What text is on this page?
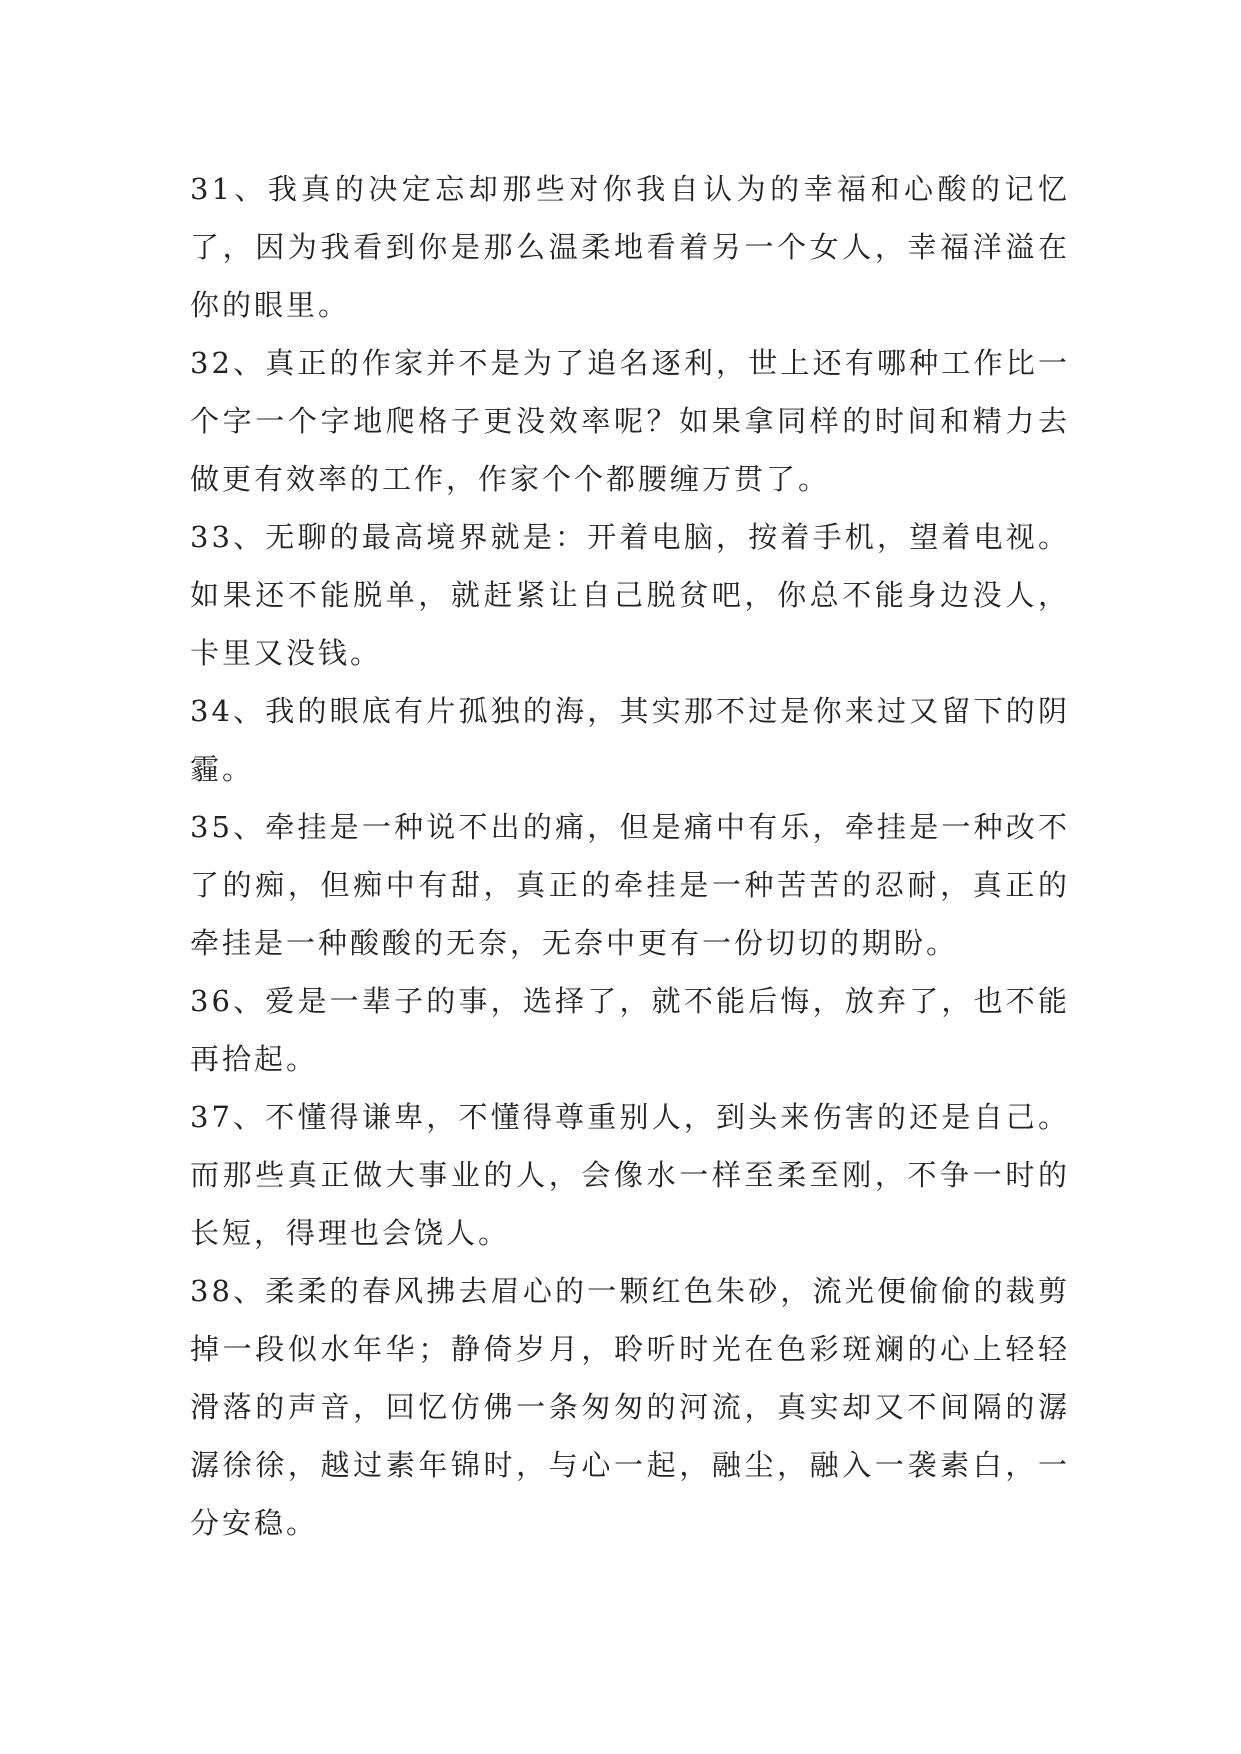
31、我真的决定忘却那些对你我自认为的幸福和心酸的记忆了，因为我看到你是那么温柔地看着另一个女人，幸福洋溢在你的眼里。

32、真正的作家并不是为了追名逐利，世上还有哪种工作比一个字一个字地爬格子更没效率呢？如果拿同样的时间和精力去做更有效率的工作，作家个个都腰缠万贯了。

33、无聊的最高境界就是：开着电脑，按着手机，望着电视。如果还不能脱单，就赶紧让自己脱贫吧，你总不能身边没人，卡里又没钱。

34、我的眼底有片孤独的海，其实那不过是你来过又留下的阴霾。

35、牵挂是一种说不出的痛，但是痛中有乐，牵挂是一种改不了的痴，但痴中有甜，真正的牵挂是一种苦苦的忍耐，真正的牵挂是一种酸酸的无奈，无奈中更有一份切切的期盼。

36、爱是一辈子的事，选择了，就不能后悔，放弃了，也不能再拾起。

37、不懂得谦卑，不懂得尊重别人，到头来伤害的还是自己。而那些真正做大事业的人，会像水一样至柔至刚，不争一时的长短，得理也会饶人。

38、柔柔的春风拂去眉心的一颗红色朱砂，流光便偷偷的裁剪掉一段似水年华；静倚岁月，聆听时光在色彩斑斓的心上轻轻滑落的声音，回忆仿佛一条匆匆的河流，真实却又不间隔的潺潺徐徐，越过素年锦时，与心一起，融尘，融入一袭素白，一分安稳。
